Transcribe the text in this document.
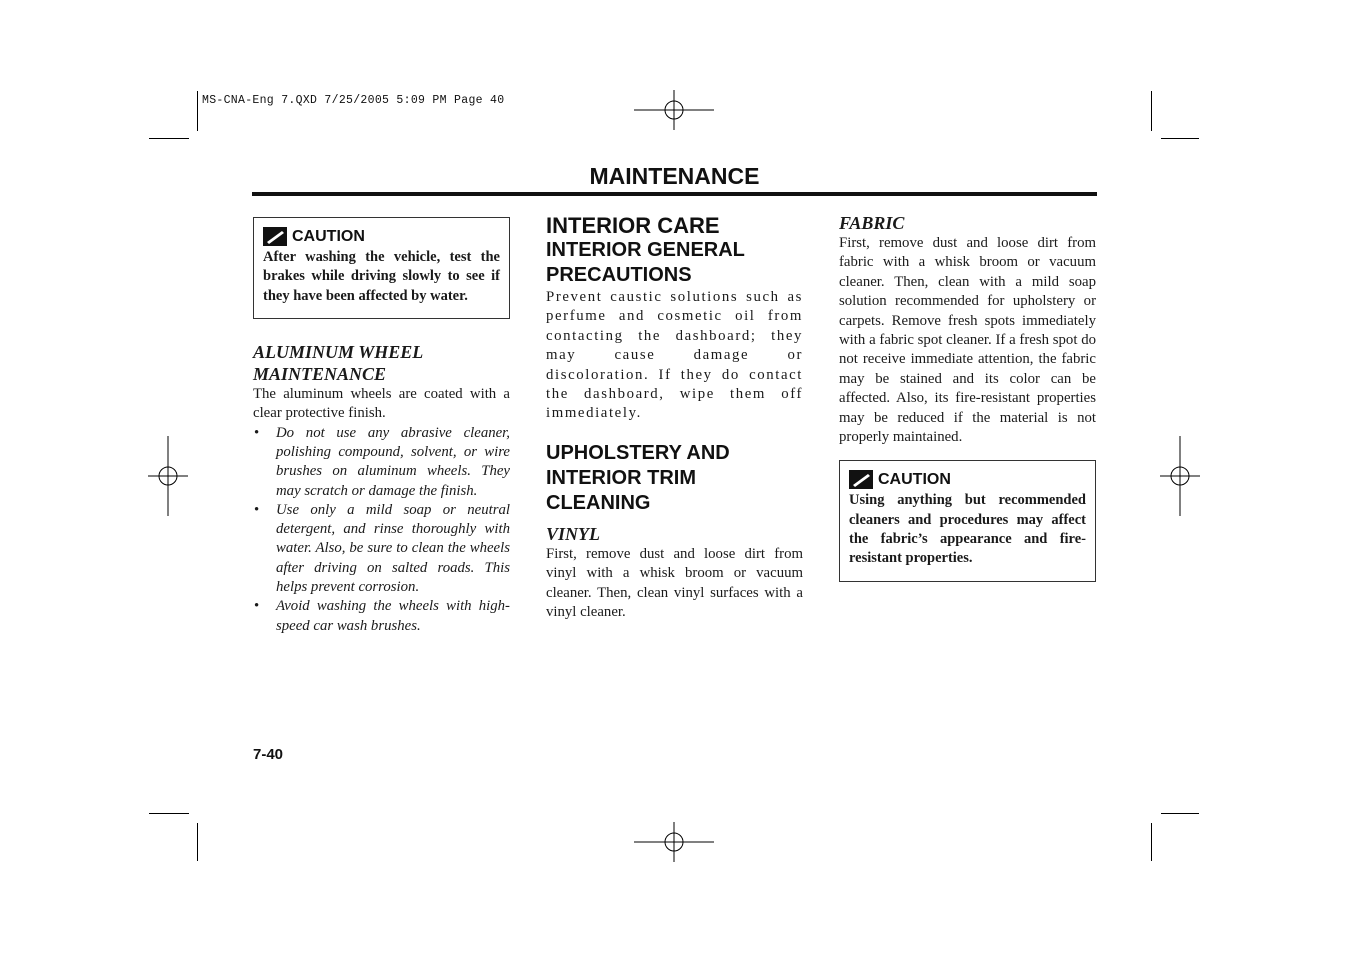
MS-CNA-Eng 7.QXD 7/25/2005 5:09 PM Page 40
MAINTENANCE
CAUTION
After washing the vehicle, test the brakes while driving slowly to see if they have been affected by water.
ALUMINUM WHEEL
MAINTENANCE
The aluminum wheels are coated with a clear protective finish.
• Do not use any abrasive cleaner, polishing compound, solvent, or wire brushes on aluminum wheels. They may scratch or damage the finish.
• Use only a mild soap or neutral detergent, and rinse thoroughly with water. Also, be sure to clean the wheels after driving on salted roads. This helps prevent corrosion.
• Avoid washing the wheels with high-speed car wash brushes.
INTERIOR CARE
INTERIOR GENERAL
PRECAUTIONS
Prevent caustic solutions such as perfume and cosmetic oil from contacting the dashboard; they may cause damage or discoloration. If they do contact the dashboard, wipe them off immediately.
UPHOLSTERY AND
INTERIOR TRIM CLEANING
VINYL
First, remove dust and loose dirt from vinyl with a whisk broom or vacuum cleaner. Then, clean vinyl surfaces with a vinyl cleaner.
FABRIC
First, remove dust and loose dirt from fabric with a whisk broom or vacuum cleaner. Then, clean with a mild soap solution recommended for upholstery or carpets. Remove fresh spots immediately with a fabric spot cleaner. If a fresh spot do not receive immediate attention, the fabric may be stained and its color can be affected. Also, its fire-resistant properties may be reduced if the material is not properly maintained.
CAUTION
Using anything but recommended cleaners and procedures may affect the fabric’s appearance and fire-resistant properties.
7-40
